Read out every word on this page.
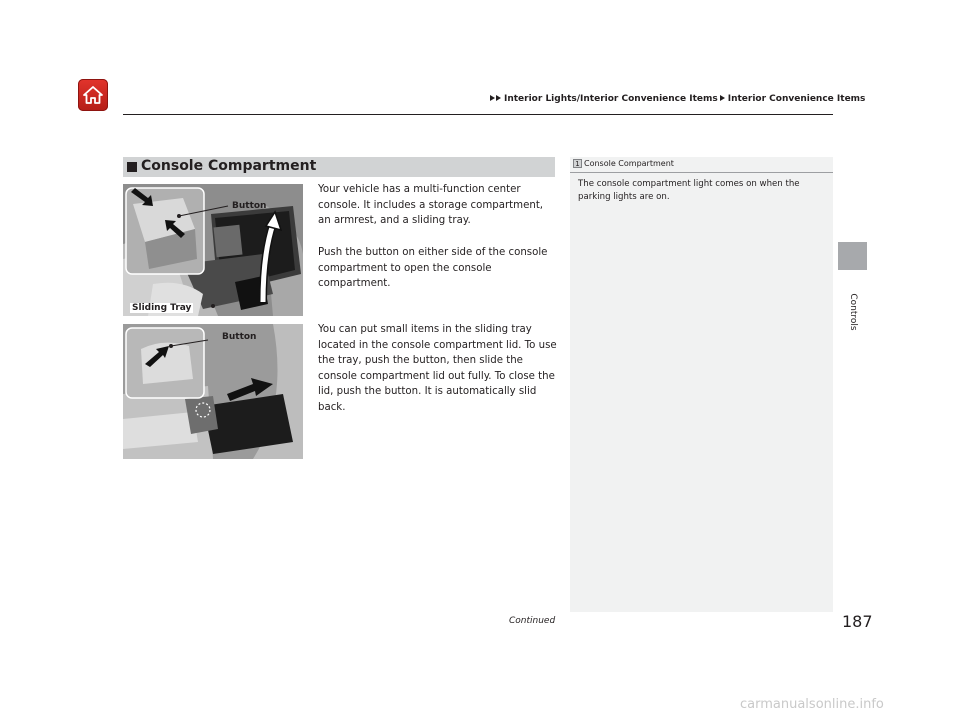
Interior Lights/Interior Convenience Items Interior Convenience Items
Controls
Console Compartment
Button
Sliding Tray
Button
Your vehicle has a multi-function center console. It includes a storage compartment, an armrest, and a sliding tray.
Push the button on either side of the console compartment to open the console compartment.
You can put small items in the sliding tray located in the console compartment lid. To use the tray, push the button, then slide the console compartment lid out fully. To close the lid, push the button. It is automatically slid back.
1 Console Compartment
The console compartment light comes on when the parking lights are on.
Continued	187
carmanualsonline.info
